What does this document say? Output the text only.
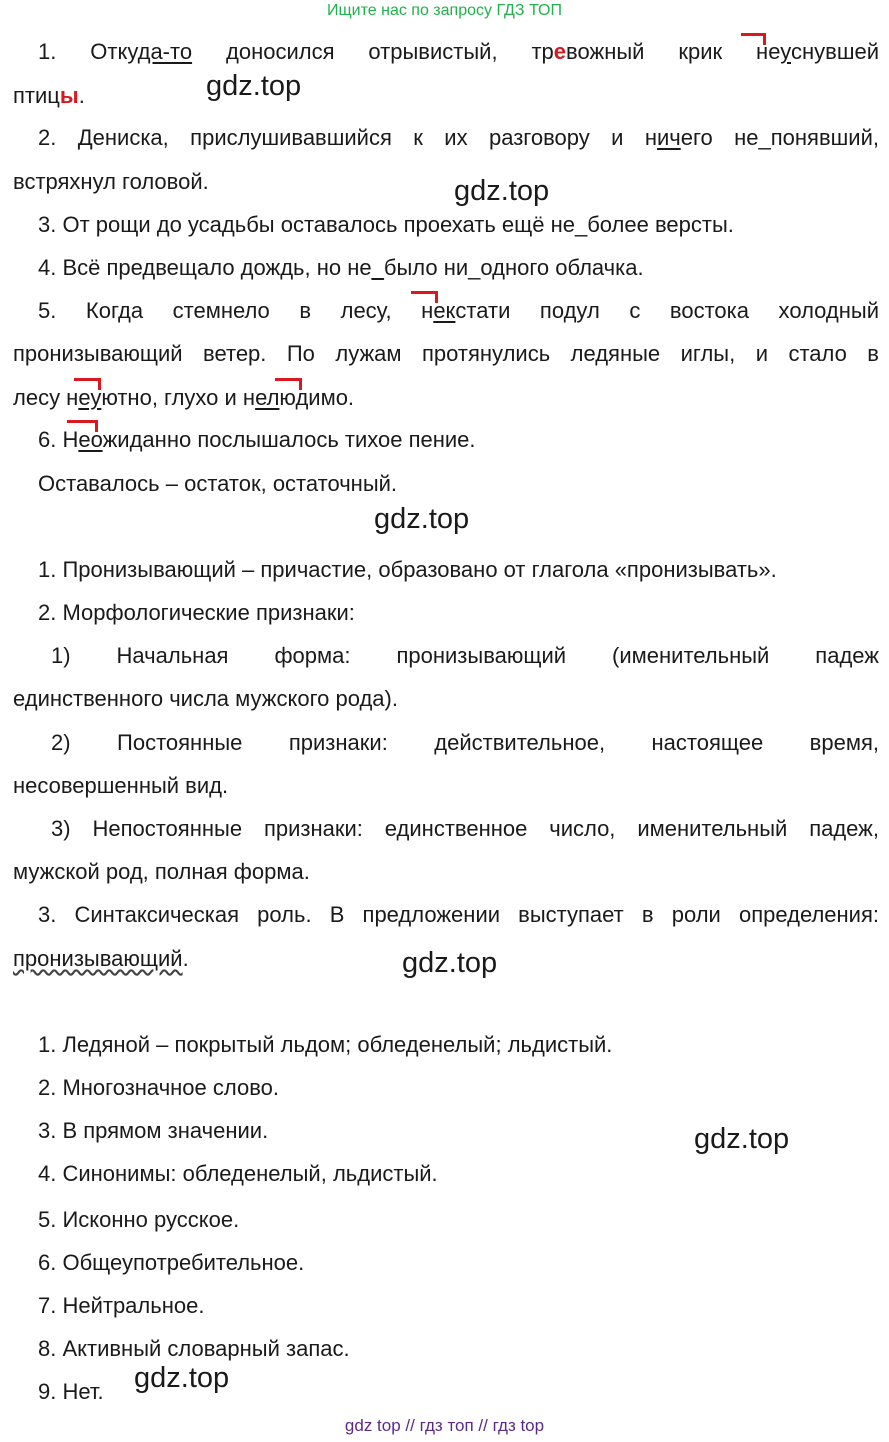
Ищите нас по запросу ГДЗ ТОП
1. Откуда-то доносился отрывистый, тревожный крик неуснувшей
птицы.	gdz.top
2. Дениска, прислушивавшийся к их разговору и ничего не_понявший,
встряхнул головой.	gdz.top
3. От рощи до усадьбы оставалось проехать ещё не_более версты.
4. Всё предвещало дождь, но не_было ни_одного облачка.
5. Когда стемнело в лесу, некстати подул с востока холодный
пронизывающий ветер. По лужам протянулись ледяные иглы, и стало в
лесу неуютно, глухо и нелюдимо.
6. Неожиданно послышалось тихое пение.
Оставалось – остаток, остаточный.
gdz.top
1. Пронизывающий – причастие, образовано от глагола «пронизывать».
2. Морфологические признаки:
1) Начальная форма: пронизывающий (именительный падеж
единственного числа мужского рода).
2) Постоянные признаки: действительное, настоящее время,
несовершенный вид.
3) Непостоянные признаки: единственное число, именительный падеж,
мужской род, полная форма.
3. Синтаксическая роль. В предложении выступает в роли определения:
пронизывающий.	gdz.top
1. Ледяной – покрытый льдом; обледенелый; льдистый.
2. Многозначное слово.
3. В прямом значении.
4. Синонимы: обледенелый, льдистый.
5. Исконно русское.
6. Общеупотребительное.
7. Нейтральное.
8. Активный словарный запас.
9. Нет.
gdz.top
gdz.top
gdz top // гдз топ // гдз top
